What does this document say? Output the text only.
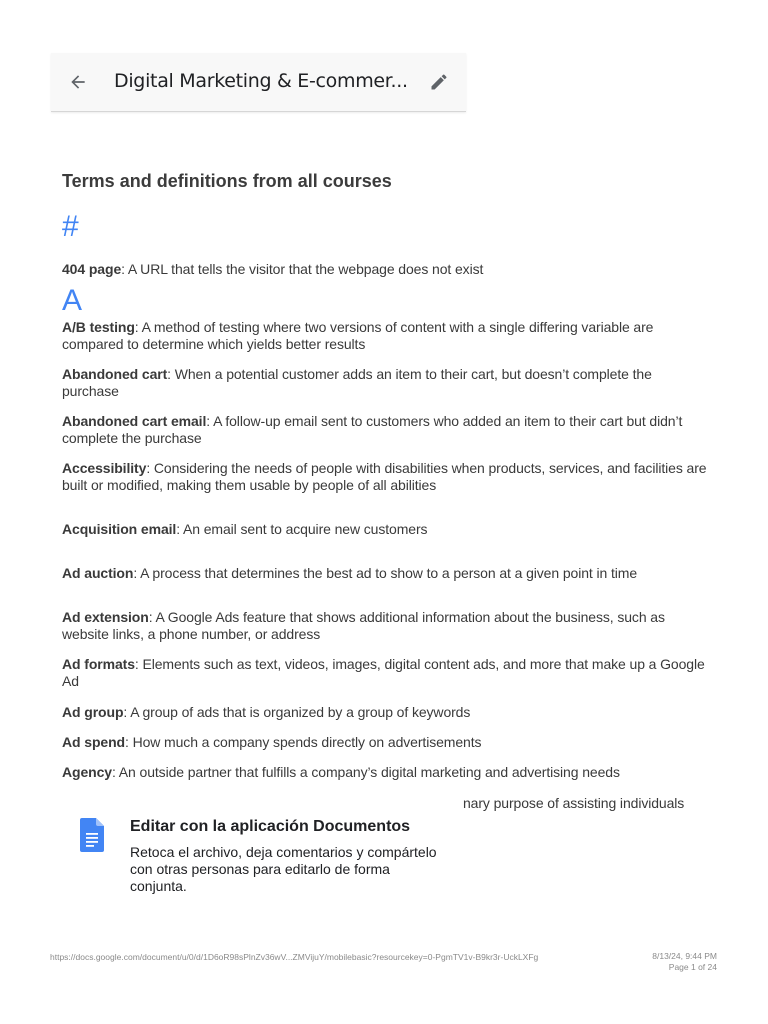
Digital Marketing & E-commer...
Terms and definitions from all courses
#
404 page: A URL that tells the visitor that the webpage does not exist
A
A/B testing: A method of testing where two versions of content with a single differing variable are compared to determine which yields better results
Abandoned cart: When a potential customer adds an item to their cart, but doesn’t complete the purchase
Abandoned cart email: A follow-up email sent to customers who added an item to their cart but didn’t complete the purchase
Accessibility: Considering the needs of people with disabilities when products, services, and facilities are built or modified, making them usable by people of all abilities
Acquisition email: An email sent to acquire new customers
Ad auction: A process that determines the best ad to show to a person at a given point in time
Ad extension: A Google Ads feature that shows additional information about the business, such as website links, a phone number, or address
Ad formats: Elements such as text, videos, images, digital content ads, and more that make up a Google Ad
Ad group: A group of ads that is organized by a group of keywords
Ad spend: How much a company spends directly on advertisements
Agency: An outside partner that fulfills a company’s digital marketing and advertising needs
nary purpose of assisting individuals
Editar con la aplicación Documentos
Retoca el archivo, deja comentarios y compártelo con otras personas para editarlo de forma conjunta.
https://docs.google.com/document/u/0/d/1D6oR98sPlnZv36wV...ZMVijuY/mobilebasic?resourcekey=0-PgmTV1v-B9kr3r-UckLXFg	8/13/24, 9:44 PM
Page 1 of 24
